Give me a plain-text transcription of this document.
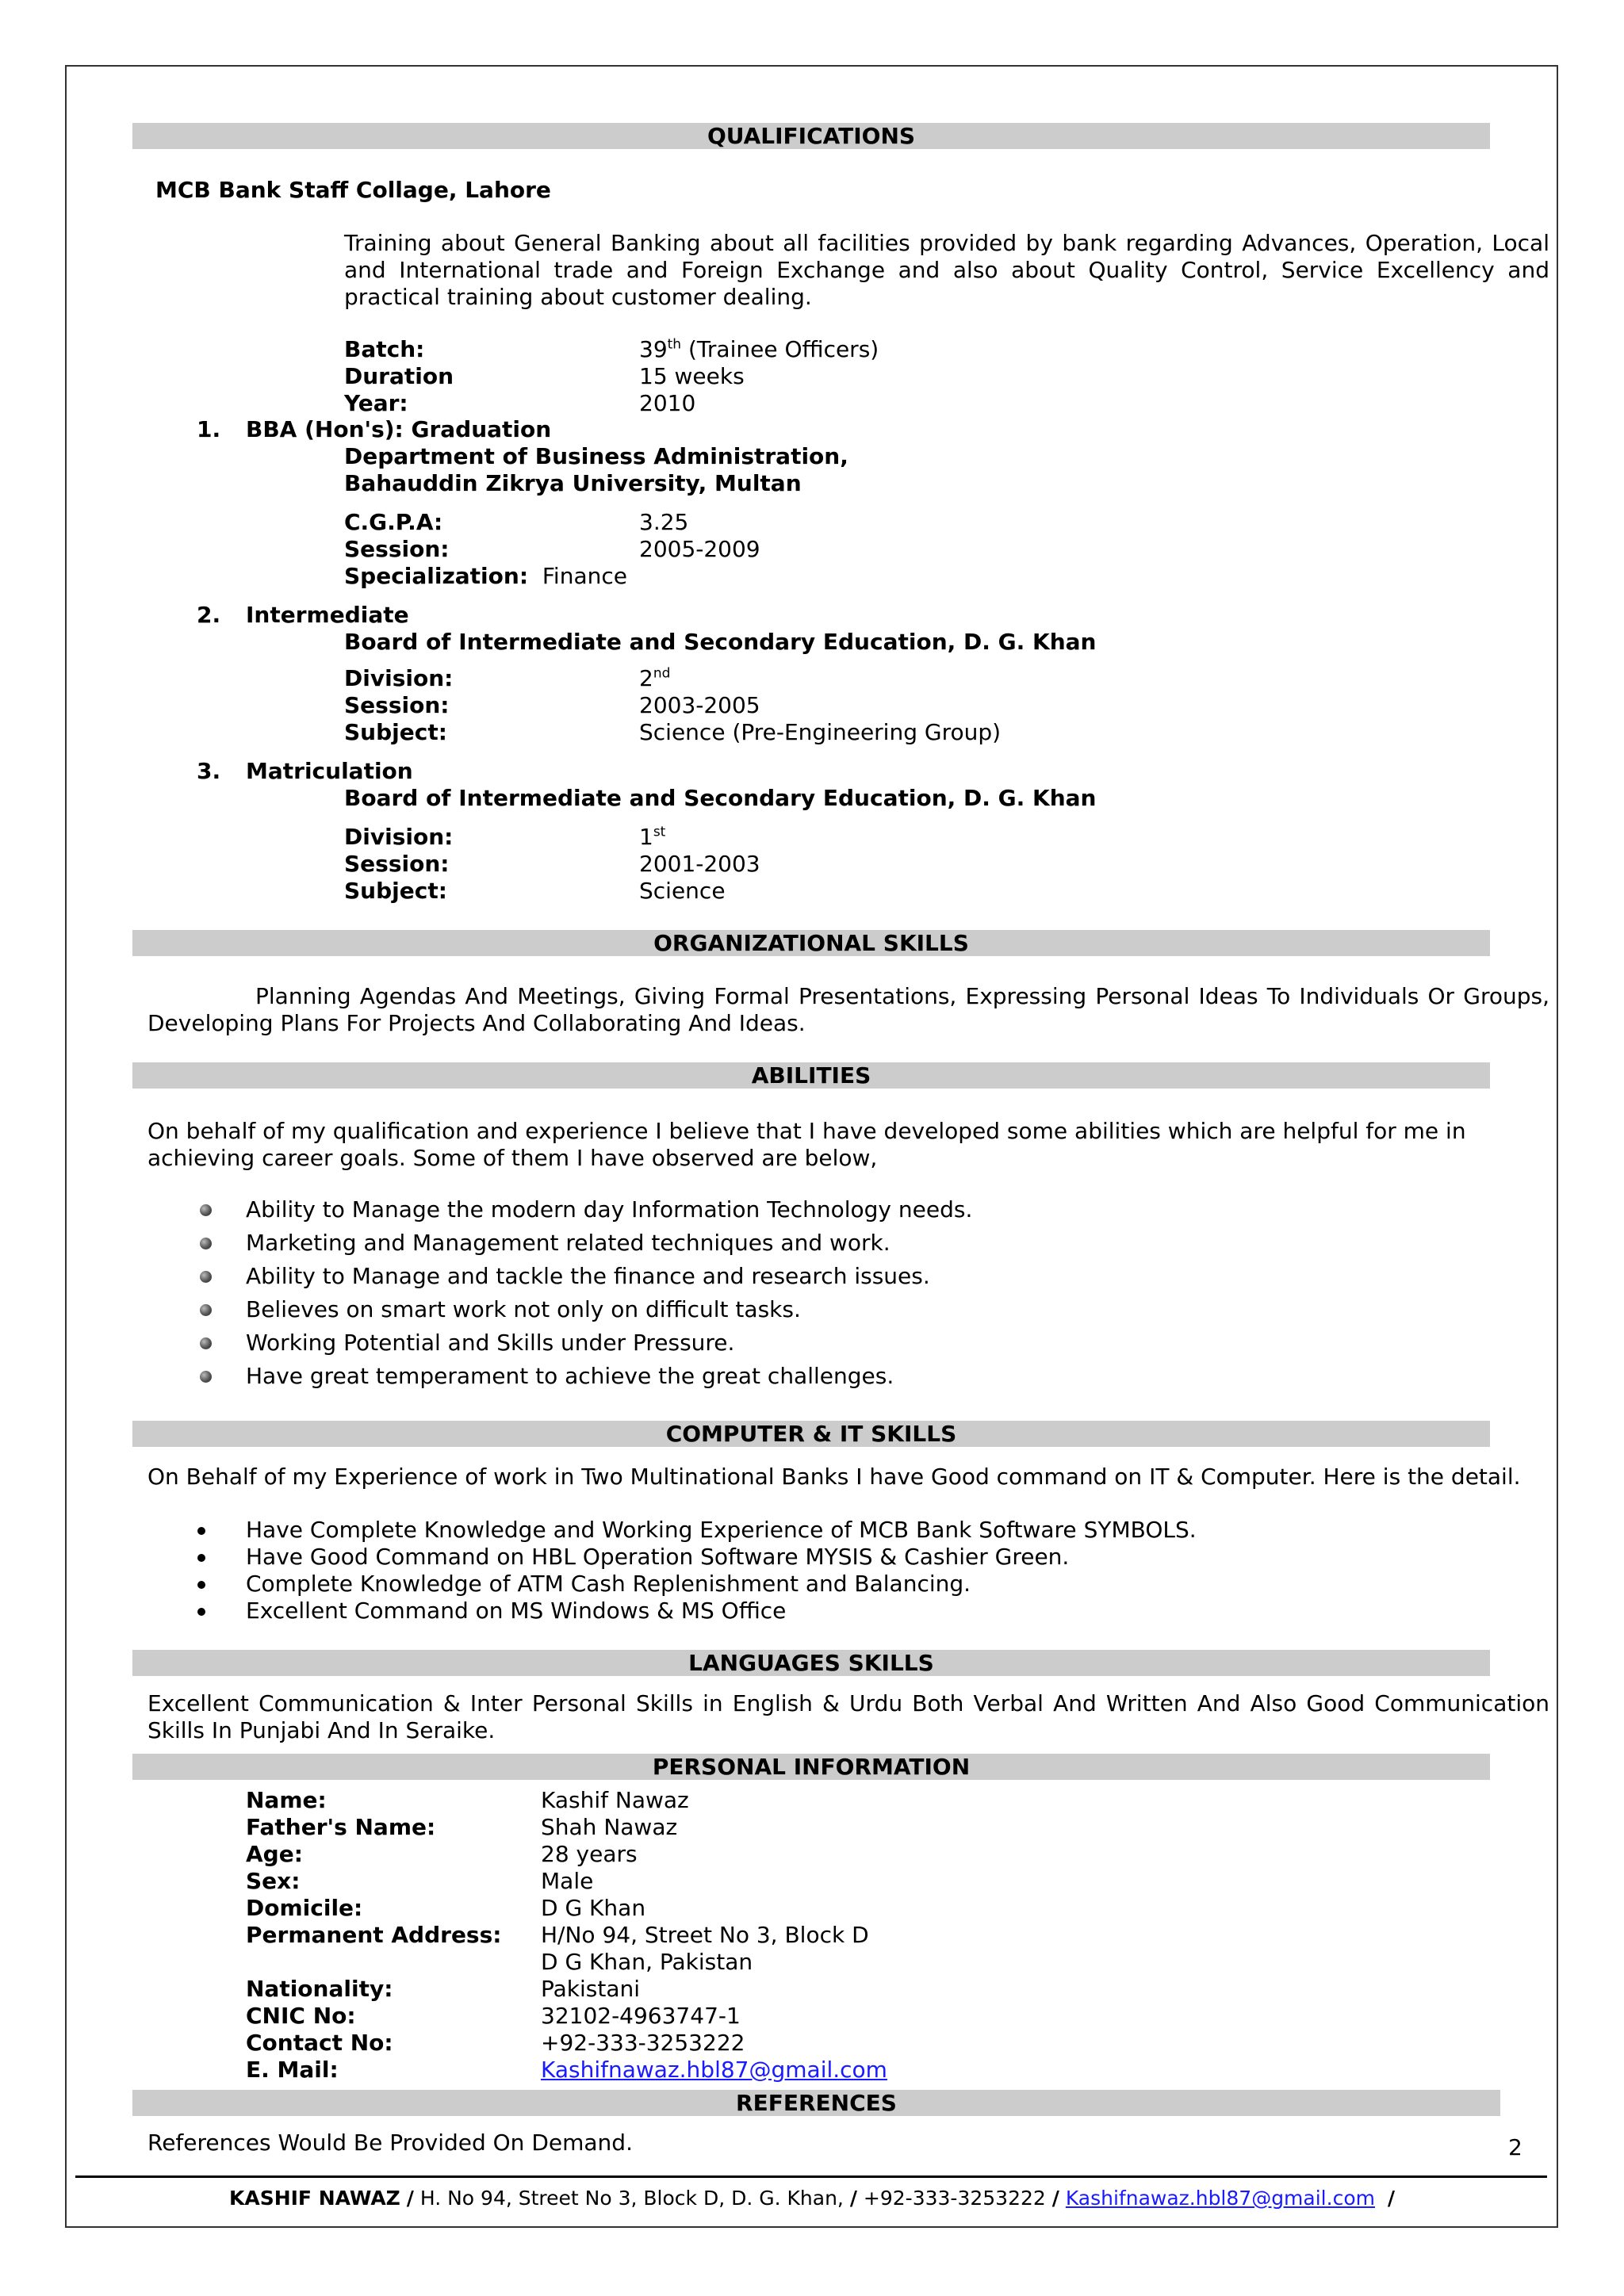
QUALIFICATIONS
MCB Bank Staff Collage, Lahore
Training about General Banking about all facilities provided by bank regarding Advances, Operation, Local
and International trade and Foreign Exchange and also about Quality Control, Service Excellency and
practical training about customer dealing.
Batch:	39th (Trainee Officers)
Duration	15 weeks
Year:	2010
1. BBA (Hon's): Graduation
Department of Business Administration,
Bahauddin Zikrya University, Multan
C.G.P.A:	3.25
Session:	2005-2009
Specialization: Finance
2. Intermediate
Board of Intermediate and Secondary Education, D. G. Khan
Division:	2nd
Session:	2003-2005
Subject:	Science (Pre-Engineering Group)
3. Matriculation
Board of Intermediate and Secondary Education, D. G. Khan
Division:	1st
Session:	2001-2003
Subject:	Science
ORGANIZATIONAL SKILLS
Planning Agendas And Meetings, Giving Formal Presentations, Expressing Personal Ideas To Individuals Or Groups,
Developing Plans For Projects And Collaborating And Ideas.
ABILITIES
On behalf of my qualification and experience I believe that I have developed some abilities which are helpful for me in
achieving career goals. Some of them I have observed are below,
Ability to Manage the modern day Information Technology needs.
Marketing and Management related techniques and work.
Ability to Manage and tackle the finance and research issues.
Believes on smart work not only on difficult tasks.
Working Potential and Skills under Pressure.
Have great temperament to achieve the great challenges.
COMPUTER & IT SKILLS
On Behalf of my Experience of work in Two Multinational Banks I have Good command on IT & Computer. Here is the detail.
Have Complete Knowledge and Working Experience of MCB Bank Software SYMBOLS.
Have Good Command on HBL Operation Software MYSIS & Cashier Green.
Complete Knowledge of ATM Cash Replenishment and Balancing.
Excellent Command on MS Windows & MS Office
LANGUAGES SKILLS
Excellent Communication & Inter Personal Skills in English & Urdu Both Verbal And Written And Also Good Communication
Skills In Punjabi And In Seraike.
PERSONAL INFORMATION
Name:	Kashif Nawaz
Father's Name:	Shah Nawaz
Age:	28 years
Sex:	Male
Domicile:	D G Khan
Permanent Address: H/No 94, Street No 3, Block D
D G Khan, Pakistan
Nationality:	Pakistani
CNIC No:	32102-4963747-1
Contact No:	+92-333-3253222
E. Mail:	Kashifnawaz.hbl87@gmail.com
REFERENCES
References Would Be Provided On Demand.	2
KASHIF NAWAZ / H. No 94, Street No 3, Block D, D. G. Khan, / +92-333-3253222 / Kashifnawaz.hbl87@gmail.com /
